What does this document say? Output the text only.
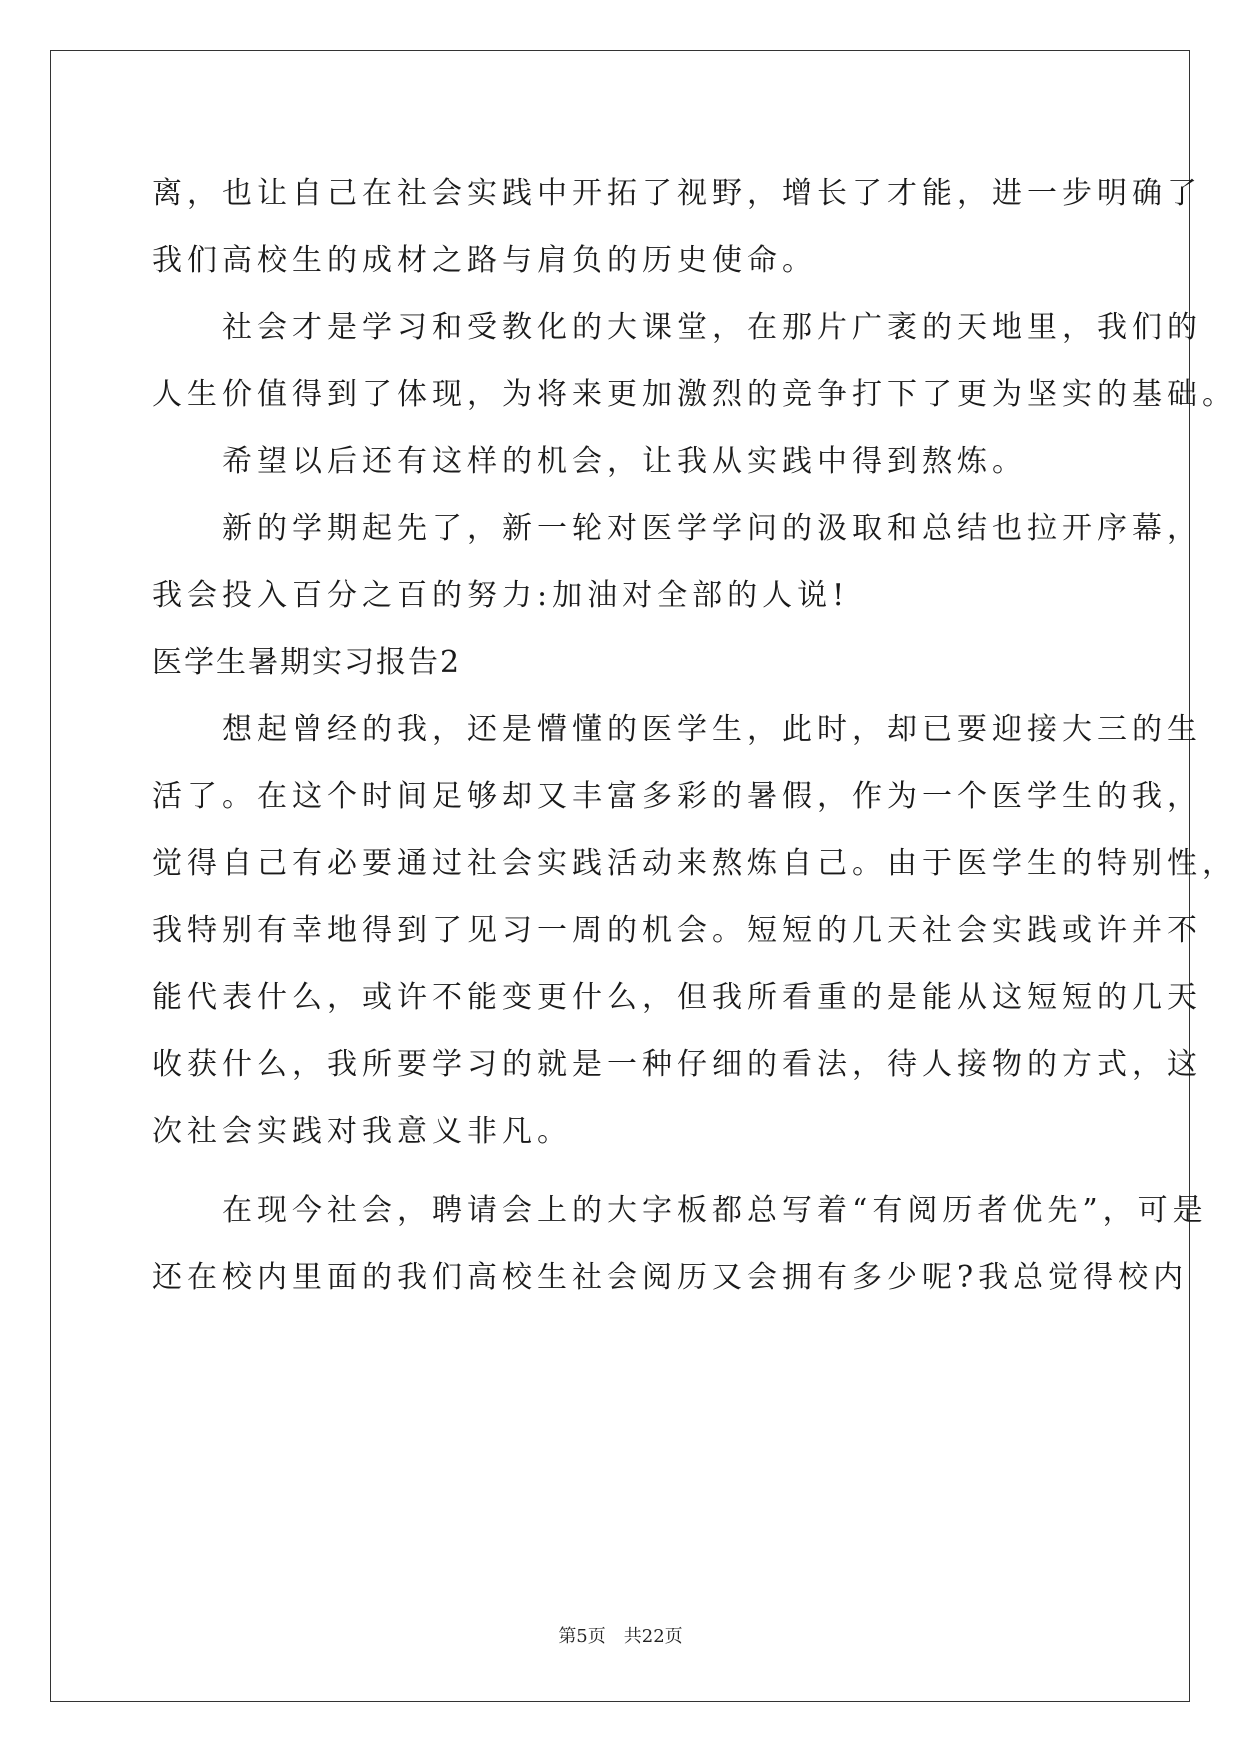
离，也让自己在社会实践中开拓了视野，增长了才能，进一步明确了
我们高校生的成材之路与肩负的历史使命。
　　社会才是学习和受教化的大课堂，在那片广袤的天地里，我们的
人生价值得到了体现，为将来更加激烈的竞争打下了更为坚实的基础。
　　希望以后还有这样的机会，让我从实践中得到熬炼。
　　新的学期起先了，新一轮对医学学问的汲取和总结也拉开序幕，
我会投入百分之百的努力:加油对全部的人说!
医学生暑期实习报告2
　　想起曾经的我，还是懵懂的医学生，此时，却已要迎接大三的生
活了。在这个时间足够却又丰富多彩的暑假，作为一个医学生的我，
觉得自己有必要通过社会实践活动来熬炼自己。由于医学生的特别性，
我特别有幸地得到了见习一周的机会。短短的几天社会实践或许并不
能代表什么，或许不能变更什么，但我所看重的是能从这短短的几天
收获什么，我所要学习的就是一种仔细的看法，待人接物的方式，这
次社会实践对我意义非凡。
　　在现今社会，聘请会上的大字板都总写着“有阅历者优先”，可是
还在校内里面的我们高校生社会阅历又会拥有多少呢?我总觉得校内
第5页 共22页
